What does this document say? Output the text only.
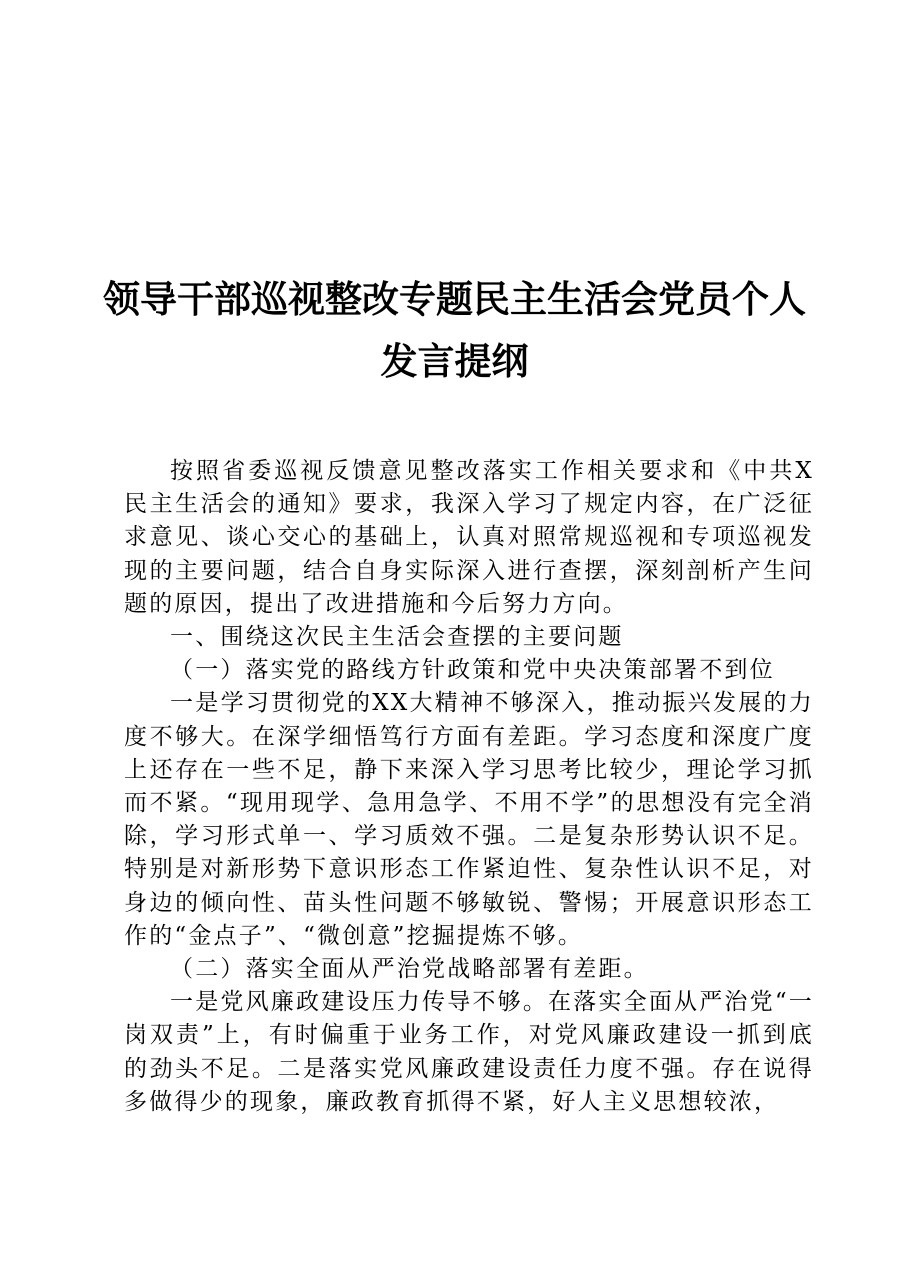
领导干部巡视整改专题民主生活会党员个人发言提纲

按照省委巡视反馈意见整改落实工作相关要求和《中共X民主生活会的通知》要求，我深入学习了规定内容，在广泛征求意见、谈心交心的基础上，认真对照常规巡视和专项巡视发现的主要问题，结合自身实际深入进行查摆，深刻剖析产生问题的原因，提出了改进措施和今后努力方向。

一、围绕这次民主生活会查摆的主要问题

（一）落实党的路线方针政策和党中央决策部署不到位

一是学习贯彻党的XX大精神不够深入，推动振兴发展的力度不够大。在深学细悟笃行方面有差距。学习态度和深度广度上还存在一些不足，静下来深入学习思考比较少，理论学习抓而不紧。“现用现学、急用急学、不用不学”的思想没有完全消除，学习形式单一、学习质效不强。二是复杂形势认识不足。特别是对新形势下意识形态工作紧迫性、复杂性认识不足，对身边的倾向性、苗头性问题不够敏锐、警惕；开展意识形态工作的“金点子”、“微创意”挖掘提炼不够。

（二）落实全面从严治党战略部署有差距。

一是党风廉政建设压力传导不够。在落实全面从严治党“一岗双责”上，有时偏重于业务工作，对党风廉政建设一抓到底的劲头不足。二是落实党风廉政建设责任力度不强。存在说得多做得少的现象，廉政教育抓得不紧，好人主义思想较浓，
